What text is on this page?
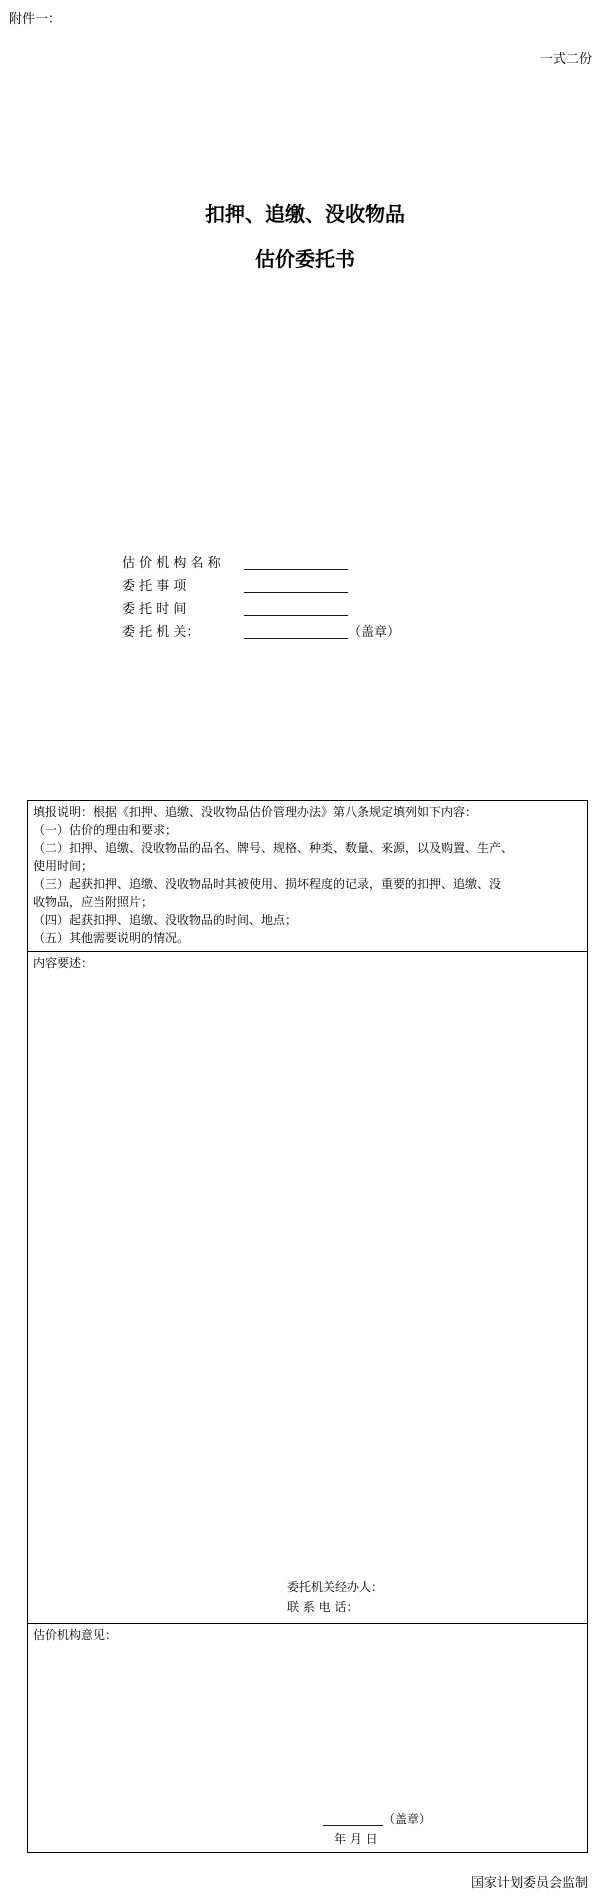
附件一：
一式二份
扣押、追缴、没收物品
估价委托书
估 价 机 构 名 称 ________________
委 托 事 项	________________
委 托 时 间	________________
委 托 机 关：	________________（盖章）
填报说明：根据《扣押、追缴、没收物品估价管理办法》第八条规定填列如下内容：
（一）估价的理由和要求；
（二）扣押、追缴、没收物品的品名、牌号、规格、种类、数量、来源，以及购置、生产、
使用时间；
（三）起获扣押、追缴、没收物品时其被使用、损坏程度的记录，重要的扣押、追缴、没
收物品，应当附照片；
（四）起获扣押、追缴、没收物品的时间、地点；
（五）其他需要说明的情况。
内容要述：
委托机关经办人：
联 系 电 话：
估价机构意见：
__________（盖章）
年 月 日
国家计划委员会监制
